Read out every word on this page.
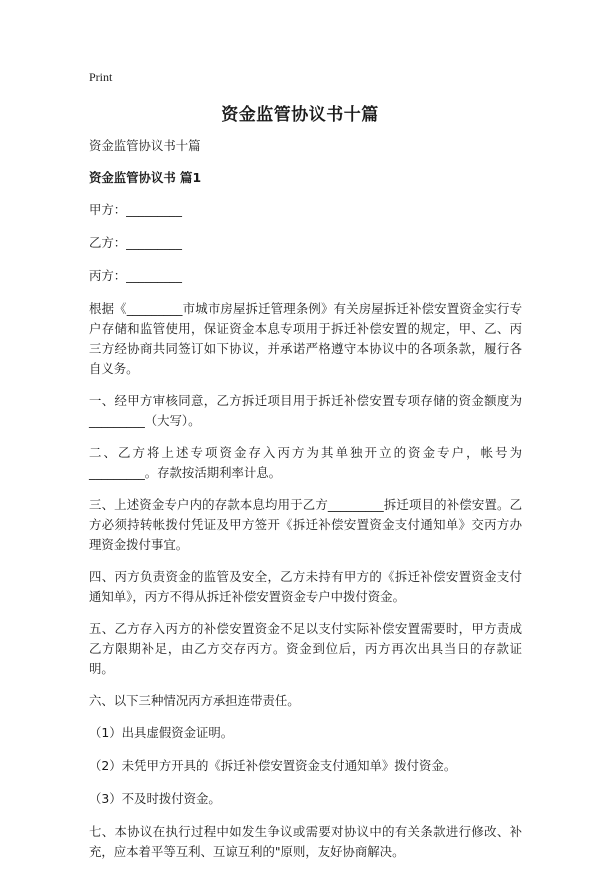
Print
资金监管协议书十篇

资金监管协议书十篇

资金监管协议书 篇1

甲方：_________

乙方：_________

丙方：_________

根据《_________市城市房屋拆迁管理条例》有关房屋拆迁补偿安置资金实行专户存储和监管使用，保证资金本息专项用于拆迁补偿安置的规定，甲、乙、丙三方经协商共同签订如下协议，并承诺严格遵守本协议中的各项条款，履行各自义务。

一、经甲方审核同意，乙方拆迁项目用于拆迁补偿安置专项存储的资金额度为_________（大写）。

二、乙方将上述专项资金存入丙方为其单独开立的资金专户，帐号为_________。存款按活期利率计息。

三、上述资金专户内的存款本息均用于乙方_________拆迁项目的补偿安置。乙方必须持转帐拨付凭证及甲方签开《拆迁补偿安置资金支付通知单》交丙方办理资金拨付事宜。

四、丙方负责资金的监管及安全，乙方未持有甲方的《拆迁补偿安置资金支付通知单》，丙方不得从拆迁补偿安置资金专户中拨付资金。

五、乙方存入丙方的补偿安置资金不足以支付实际补偿安置需要时，甲方责成乙方限期补足，由乙方交存丙方。资金到位后，丙方再次出具当日的存款证明。

六、以下三种情况丙方承担连带责任。

（1）出具虚假资金证明。

（2）未凭甲方开具的《拆迁补偿安置资金支付通知单》拨付资金。

（3）不及时拨付资金。

七、本协议在执行过程中如发生争议或需要对协议中的有关条款进行修改、补充，应本着平等互利、互谅互利的"原则，友好协商解决。
